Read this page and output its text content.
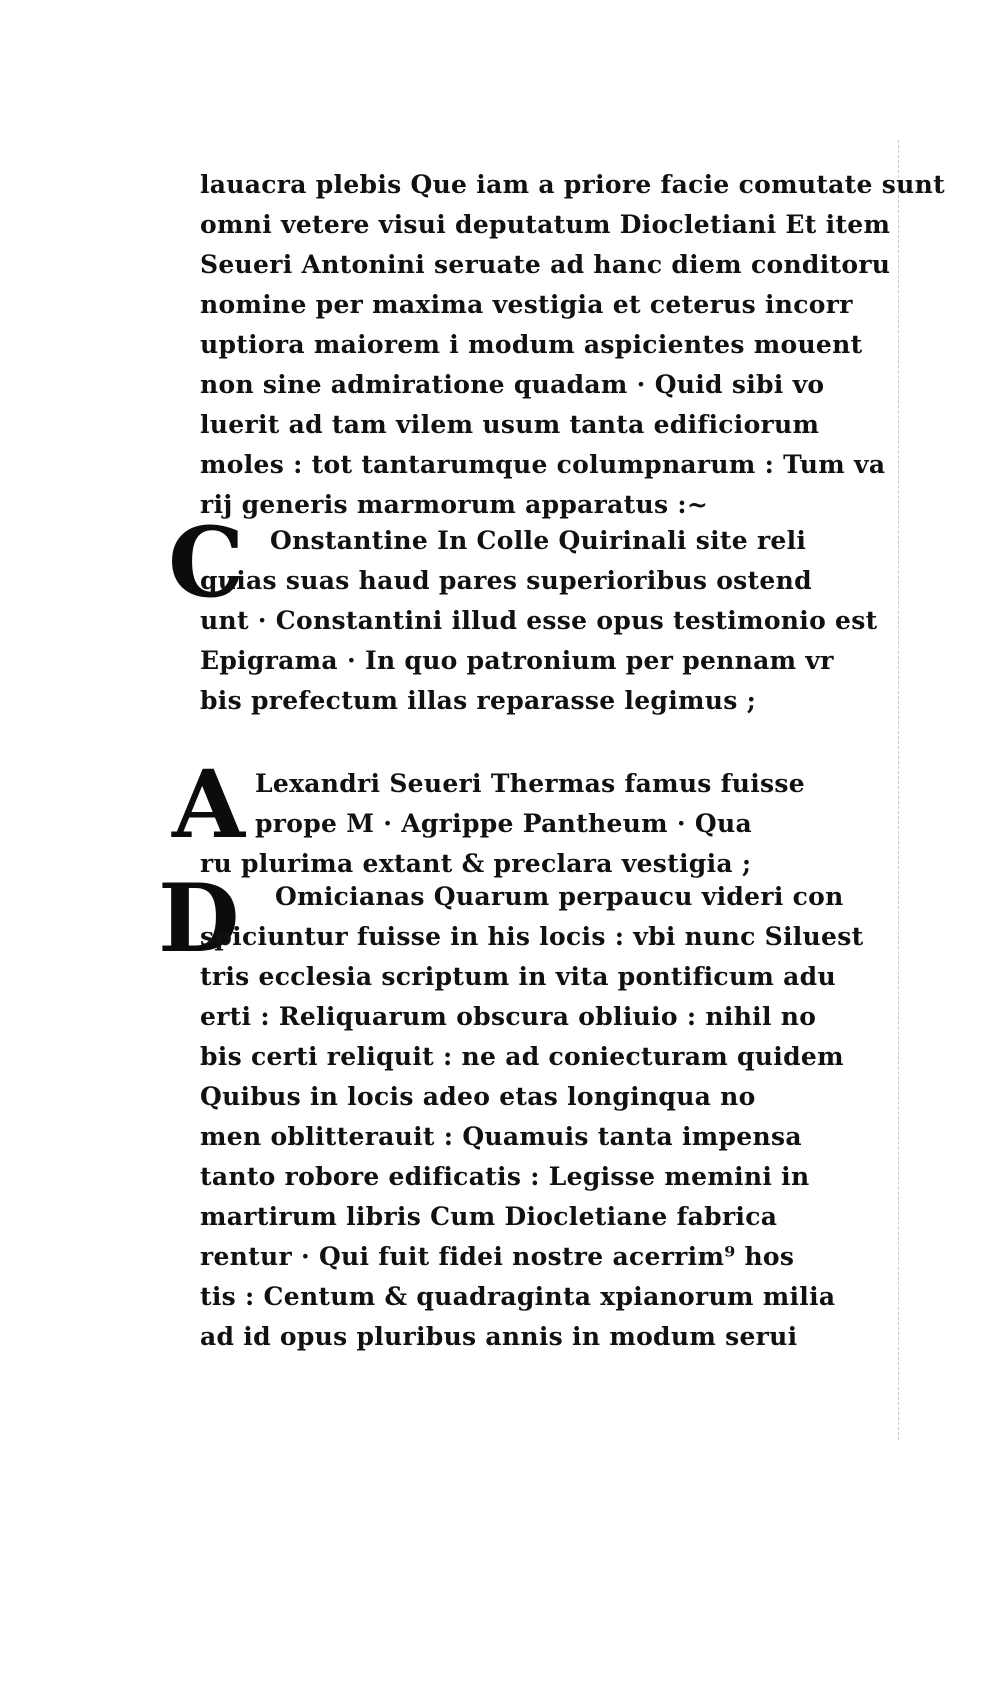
lauacra plebis Que iam a priore facie comutate sunt
omni vetere visui deputatum Diocletiani Et item
Seueri Antonini seruate ad hanc diem conditoru
nomine per maxima vestigia et ceterus incorr
uptiora maiorem i modum aspicientes mouent
non sine admiratione quadam · Quid sibi vo
luerit ad tam vilem usum tanta edificiorum
moles : tot tantarumque columpnarum : Tum va
rij generis marmorum apparatus :~
C	Onstantine In Colle Quirinali site reli
quias suas haud pares superioribus ostend
unt · Constantini illud esse opus testimonio est
Epigrama · In quo patronium per pennam vr
bis prefectum illas reparasse legimus ;
A Lexandri Seueri Thermas famus fuisse
prope M · Agrippe Pantheum · Qua
ru plurima extant & preclara vestigia ;
D	Omicianas Quarum perpaucu videri con
spiciuntur fuisse in his locis : vbi nunc Siluest
tris ecclesia scriptum in vita pontificum adu
erti : Reliquarum obscura obliuio : nihil no
bis certi reliquit : ne ad coniecturam quidem
Quibus in locis adeo etas longinqua no
men oblitterauit : Quamuis tanta impensa
tanto robore edificatis : Legisse memini in
martirum libris Cum Diocletiane fabrica
rentur · Qui fuit fidei nostre acerrim⁹ hos
tis : Centum & quadraginta xpianorum milia
ad id opus pluribus annis in modum serui
